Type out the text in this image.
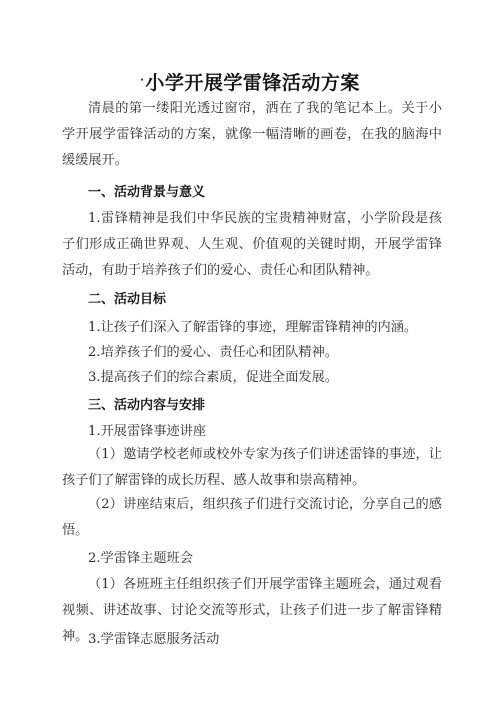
·小学开展学雷锋活动方案
清晨的第一缕阳光透过窗帘，洒在了我的笔记本上。关于小学开展学雷锋活动的方案，就像一幅清晰的画卷，在我的脑海中缓缓展开。
一、活动背景与意义
1.雷锋精神是我们中华民族的宝贵精神财富，小学阶段是孩子们形成正确世界观、人生观、价值观的关键时期，开展学雷锋活动，有助于培养孩子们的爱心、责任心和团队精神。
二、活动目标
1.让孩子们深入了解雷锋的事迹，理解雷锋精神的内涵。
2.培养孩子们的爱心、责任心和团队精神。
3.提高孩子们的综合素质，促进全面发展。
三、活动内容与安排
1.开展雷锋事迹讲座
（1）邀请学校老师或校外专家为孩子们讲述雷锋的事迹，让孩子们了解雷锋的成长历程、感人故事和崇高精神。
（2）讲座结束后，组织孩子们进行交流讨论，分享自己的感悟。
2.学雷锋主题班会
（1）各班班主任组织孩子们开展学雷锋主题班会，通过观看视频、讲述故事、讨论交流等形式，让孩子们进一步了解雷锋精神。 3.学雷锋志愿服务活动
